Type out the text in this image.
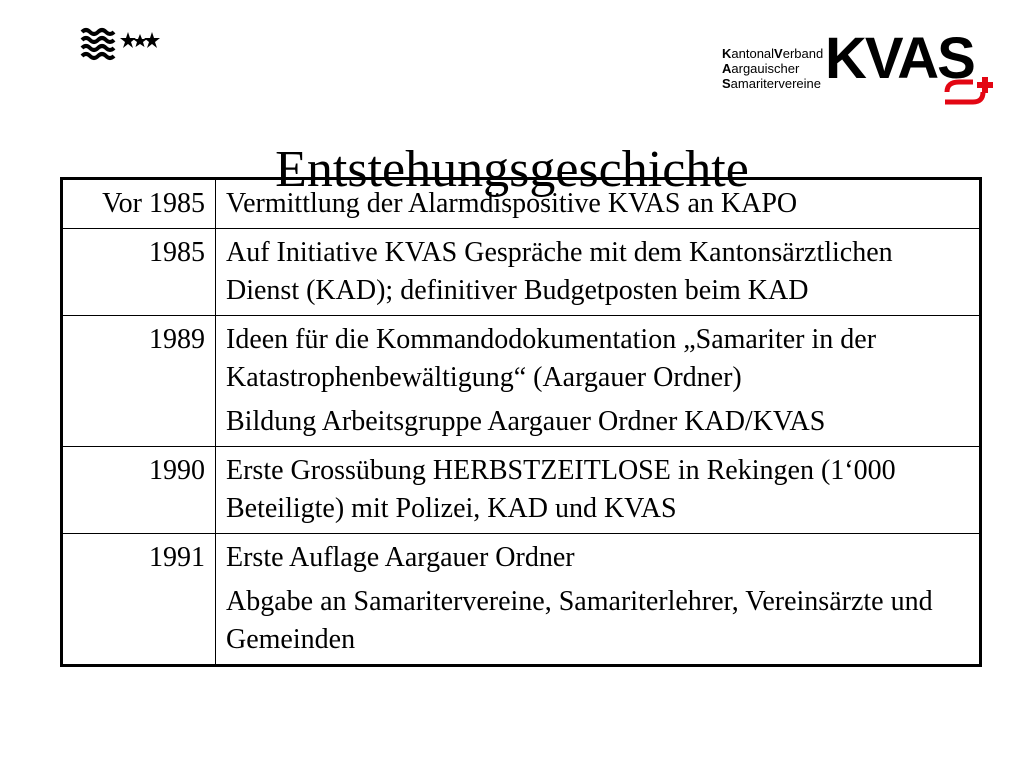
KantonalVerband
Aargauischer
Samaritervereine KVAS
Entstehungsgeschichte
Vor 1985	Vermittlung der Alarmdispositive KVAS an KAPO

1985	Auf Initiative KVAS Gespräche mit dem Kantonsärztlichen Dienst (KAD); definitiver Budgetposten beim KAD

1989	Ideen für die Kommandodokumentation „Samariter in der Katastrophenbewältigung“ (Aargauer Ordner)

Bildung Arbeitsgruppe Aargauer Ordner KAD/KVAS

1990	Erste Grossübung HERBSTZEITLOSE in Rekingen (1‘000 Beteiligte) mit Polizei, KAD und KVAS

1991	Erste Auflage Aargauer Ordner

Abgabe an Samaritervereine, Samariterlehrer, Vereinsärzte und Gemeinden
